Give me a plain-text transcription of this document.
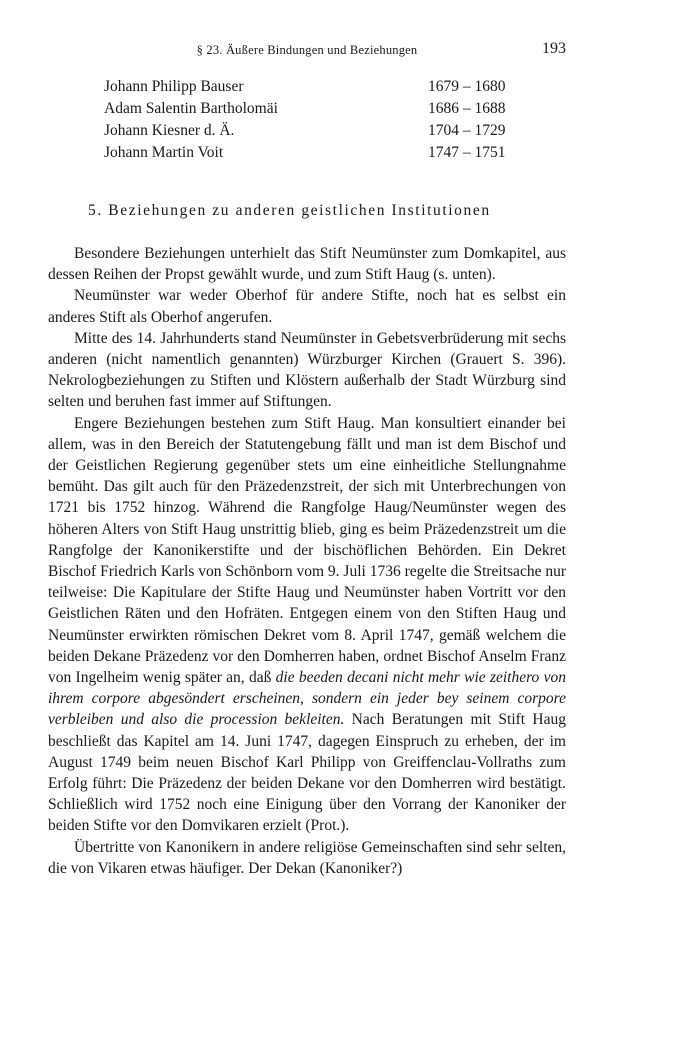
§ 23. Äußere Bindungen und Beziehungen	193
Johann Philipp Bauser	1679 – 1680
Adam Salentin Bartholomäi	1686 – 1688
Johann Kiesner d. Ä.	1704 – 1729
Johann Martin Voit	1747 – 1751
5. Beziehungen zu anderen geistlichen Institutionen

Besondere Beziehungen unterhielt das Stift Neumünster zum Domkapitel, aus dessen Reihen der Propst gewählt wurde, und zum Stift Haug (s. unten).

Neumünster war weder Oberhof für andere Stifte, noch hat es selbst ein anderes Stift als Oberhof angerufen.

Mitte des 14. Jahrhunderts stand Neumünster in Gebetsverbrüderung mit sechs anderen (nicht namentlich genannten) Würzburger Kirchen (Grauert S. 396). Nekrologbeziehungen zu Stiften und Klöstern außerhalb der Stadt Würzburg sind selten und beruhen fast immer auf Stiftungen.

Engere Beziehungen bestehen zum Stift Haug. Man konsultiert einander bei allem, was in den Bereich der Statutengebung fällt und man ist dem Bischof und der Geistlichen Regierung gegenüber stets um eine einheitliche Stellungnahme bemüht. Das gilt auch für den Präzedenzstreit, der sich mit Unterbrechungen von 1721 bis 1752 hinzog. Während die Rangfolge Haug/Neumünster wegen des höheren Alters von Stift Haug unstrittig blieb, ging es beim Präzedenzstreit um die Rangfolge der Kanonikerstifte und der bischöflichen Behörden. Ein Dekret Bischof Friedrich Karls von Schönborn vom 9. Juli 1736 regelte die Streitsache nur teilweise: Die Kapitulare der Stifte Haug und Neumünster haben Vortritt vor den Geistlichen Räten und den Hofräten. Entgegen einem von den Stiften Haug und Neumünster erwirkten römischen Dekret vom 8. April 1747, gemäß welchem die beiden Dekane Präzedenz vor den Domherren haben, ordnet Bischof Anselm Franz von Ingelheim wenig später an, daß die beeden decani nicht mehr wie zeithero von ihrem corpore abgesöndert erscheinen, sondern ein jeder bey seinem corpore verbleiben und also die procession bekleiten. Nach Beratungen mit Stift Haug beschließt das Kapitel am 14. Juni 1747, dagegen Einspruch zu erheben, der im August 1749 beim neuen Bischof Karl Philipp von Greiffenclau-Vollraths zum Erfolg führt: Die Präzedenz der beiden Dekane vor den Domherren wird bestätigt. Schließlich wird 1752 noch eine Einigung über den Vorrang der Kanoniker der beiden Stifte vor den Domvikaren erzielt (Prot.).

Übertritte von Kanonikern in andere religiöse Gemeinschaften sind sehr selten, die von Vikaren etwas häufiger. Der Dekan (Kanoniker?)
